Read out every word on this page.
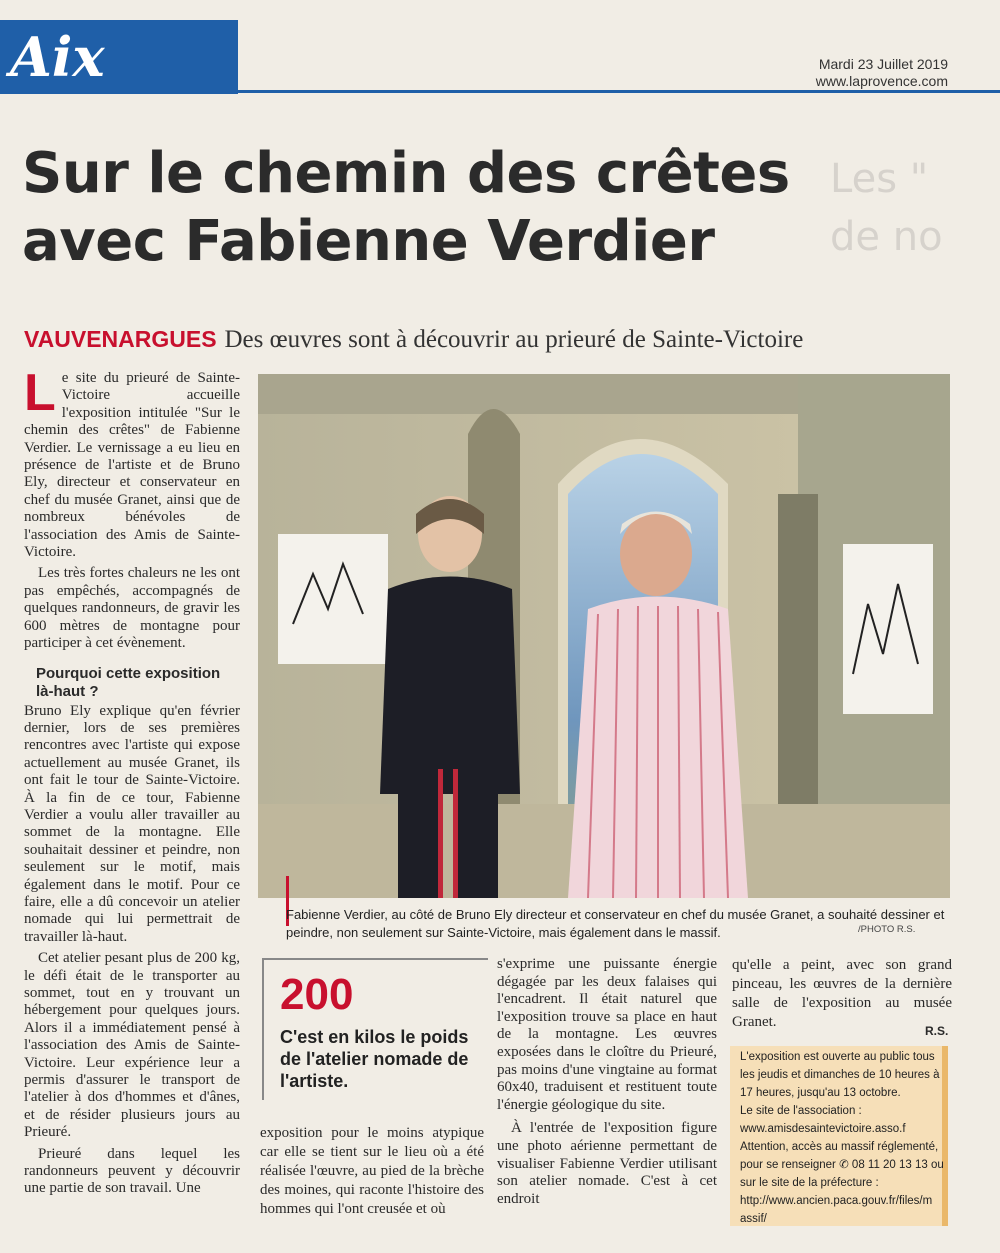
Aix	Mardi 23 Juillet 2019
www.laprovence.com
Les "
de no
Sur le chemin des crêtes
avec Fabienne Verdier
VAUVENARGUES Des œuvres sont à découvrir au prieuré de Sainte-Victoire

Le site du prieuré de Sainte-Victoire accueille l'exposition intitulée "Sur le chemin des crêtes" de Fabienne Verdier. Le vernissage a eu lieu en présence de l'artiste et de Bruno Ely, directeur et conservateur en chef du musée Granet, ainsi que de nombreux bénévoles de l'association des Amis de Sainte-Victoire.

Les très fortes chaleurs ne les ont pas empêchés, accompagnés de quelques randonneurs, de gravir les 600 mètres de montagne pour participer à cet évènement.

Pourquoi cette exposition là-haut ?

Bruno Ely explique qu'en février dernier, lors de ses premières rencontres avec l'artiste qui expose actuellement au musée Granet, ils ont fait le tour de Sainte-Victoire. À la fin de ce tour, Fabienne Verdier a voulu aller travailler au sommet de la montagne. Elle souhaitait dessiner et peindre, non seulement sur le motif, mais également dans le motif. Pour ce faire, elle a dû concevoir un atelier nomade qui lui permettrait de travailler là-haut.

Cet atelier pesant plus de 200 kg, le défi était de le transporter au sommet, tout en y trouvant un hébergement pour quelques jours. Alors il a immédiatement pensé à l'association des Amis de Sainte-Victoire. Leur expérience leur a permis d'assurer le transport de l'atelier à dos d'hommes et d'ânes, et de résider plusieurs jours au Prieuré.

Prieuré dans lequel les randonneurs peuvent y découvrir une partie de son travail. Une

Fabienne Verdier, au côté de Bruno Ely directeur et conservateur en chef du musée Granet, a souhaité dessiner et peindre, non seulement sur Sainte-Victoire, mais également dans le massif.	/PHOTO R.S.
200
C'est en kilos le poids de l'atelier nomade de l'artiste.
exposition pour le moins atypique car elle se tient sur le lieu où a été réalisée l'œuvre, au pied de la brèche des moines, qui raconte l'histoire des hommes qui l'ont creusée et où

s'exprime une puissante énergie dégagée par les deux falaises qui l'encadrent. Il était naturel que l'exposition trouve sa place en haut de la montagne. Les œuvres exposées dans le cloître du Prieuré, pas moins d'une vingtaine au format 60x40, traduisent et restituent toute l'énergie géologique du site.

À l'entrée de l'exposition figure une photo aérienne permettant de visualiser Fabienne Verdier utilisant son atelier nomade. C'est à cet endroit

qu'elle a peint, avec son grand pinceau, les œuvres de la dernière salle de l'exposition au musée Granet.
R.S.
L'exposition est ouverte au public tous
les jeudis et dimanches de 10 heures à
17 heures, jusqu'au 13 octobre.
Le site de l'association :
www.amisdesaintevictoire.asso.f
Attention, accès au massif réglementé,
pour se renseigner ✆ 08 11 20 13 13 ou
sur le site de la préfecture :
http://www.ancien.paca.gouv.fr/files/m
assif/
